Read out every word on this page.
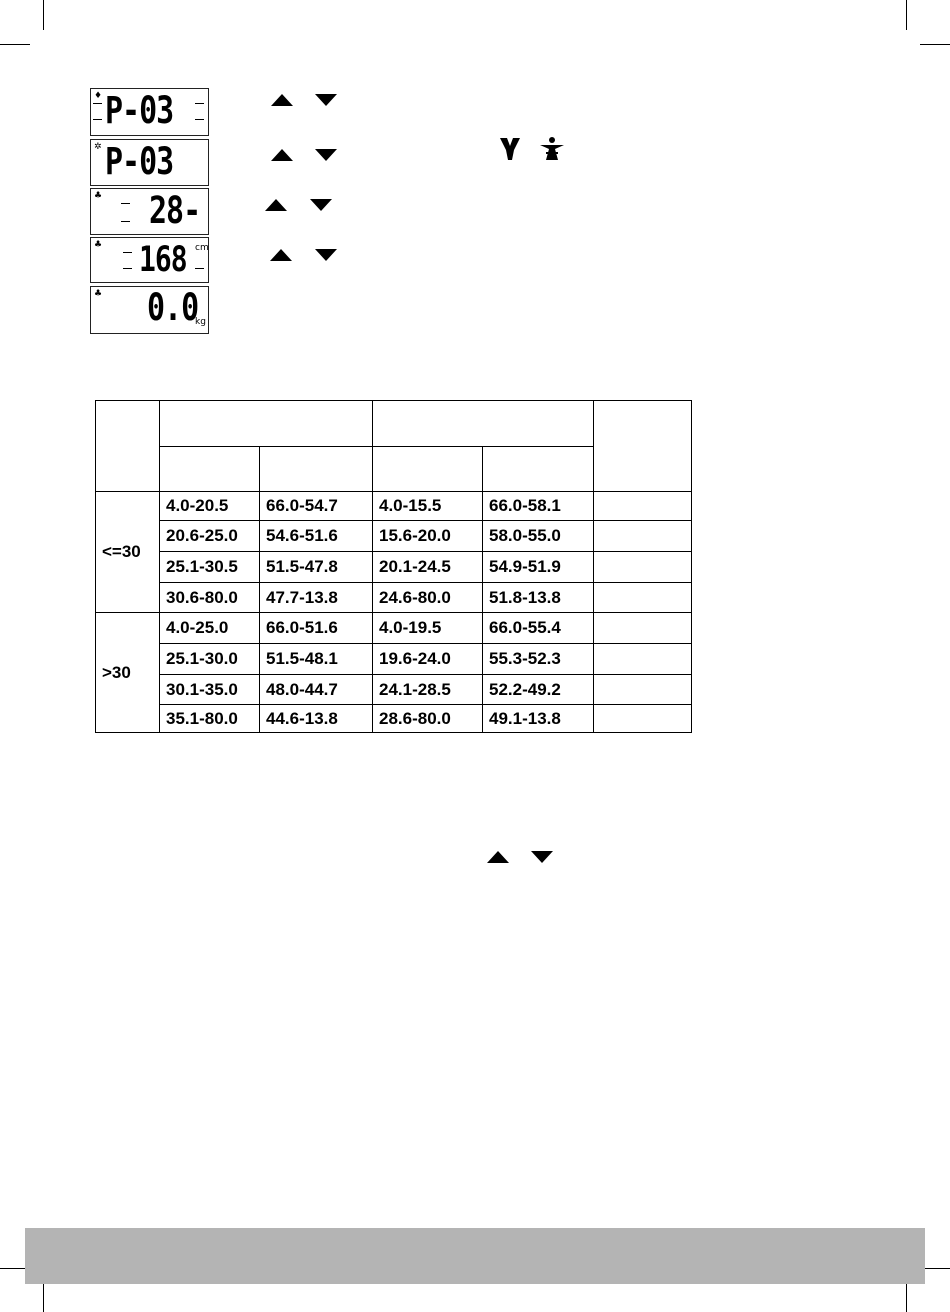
♦ P-03
✲ P-03
♣ 28-
♣ 168 cm
♣ 0.0
kg

<=30	4.0-20.5	66.0-54.7	4.0-15.5	66.0-58.1	
	20.6-25.0	54.6-51.6	15.6-20.0	58.0-55.0	
	25.1-30.5	51.5-47.8	20.1-24.5	54.9-51.9	
	30.6-80.0	47.7-13.8	24.6-80.0	51.8-13.8	
>30	4.0-25.0	66.0-51.6	4.0-19.5	66.0-55.4	
	25.1-30.0	51.5-48.1	19.6-24.0	55.3-52.3	
	30.1-35.0	48.0-44.7	24.1-28.5	52.2-49.2	
	35.1-80.0	44.6-13.8	28.6-80.0	49.1-13.8	
